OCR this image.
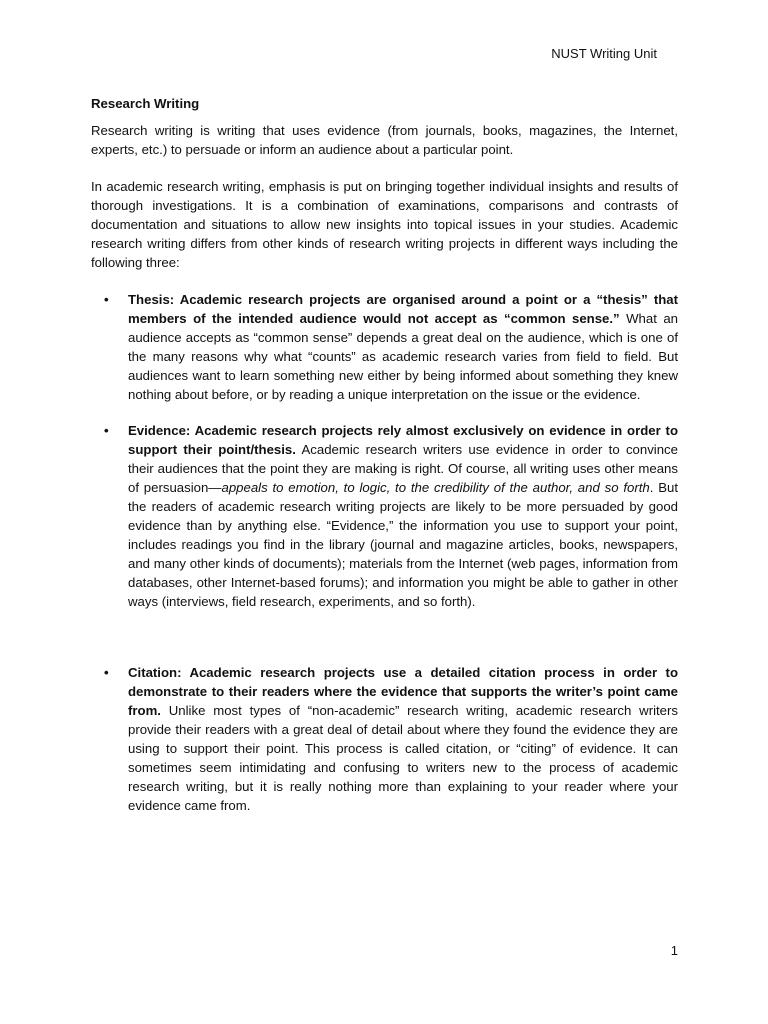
NUST Writing Unit
Research Writing

Research writing is writing that uses evidence (from journals, books, magazines, the Internet, experts, etc.) to persuade or inform an audience about a particular point.

In academic research writing, emphasis is put on bringing together individual insights and results of thorough investigations. It is a combination of examinations, comparisons and contrasts of documentation and situations to allow new insights into topical issues in your studies. Academic research writing differs from other kinds of research writing projects in different ways including the following three:

• Thesis: Academic research projects are organised around a point or a “thesis” that members of the intended audience would not accept as “common sense.” What an audience accepts as “common sense” depends a great deal on the audience, which is one of the many reasons why what “counts” as academic research varies from field to field. But audiences want to learn something new either by being informed about something they knew nothing about before, or by reading a unique interpretation on the issue or the evidence.
• Evidence: Academic research projects rely almost exclusively on evidence in order to support their point/thesis. Academic research writers use evidence in order to convince their audiences that the point they are making is right. Of course, all writing uses other means of persuasion—appeals to emotion, to logic, to the credibility of the author, and so forth. But the readers of academic research writing projects are likely to be more persuaded by good evidence than by anything else. “Evidence,” the information you use to support your point, includes readings you find in the library (journal and magazine articles, books, newspapers, and many other kinds of documents); materials from the Internet (web pages, information from databases, other Internet-based forums); and information you might be able to gather in other ways (interviews, field research, experiments, and so forth).
• Citation: Academic research projects use a detailed citation process in order to demonstrate to their readers where the evidence that supports the writer’s point came from. Unlike most types of “non-academic” research writing, academic research writers provide their readers with a great deal of detail about where they found the evidence they are using to support their point. This process is called citation, or “citing” of evidence. It can sometimes seem intimidating and confusing to writers new to the process of academic research writing, but it is really nothing more than explaining to your reader where your evidence came from.
1
